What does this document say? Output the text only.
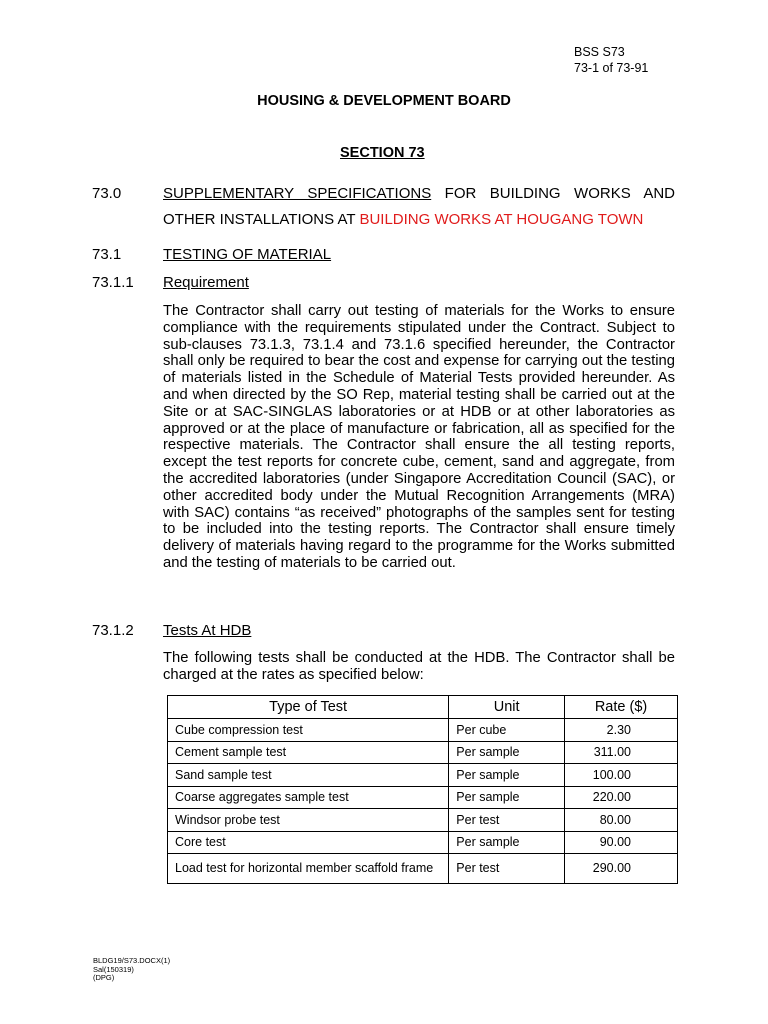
BSS S73
73-1 of 73-91
HOUSING & DEVELOPMENT BOARD
SECTION 73
73.0	SUPPLEMENTARY SPECIFICATIONS FOR BUILDING WORKS AND
OTHER INSTALLATIONS AT BUILDING WORKS AT HOUGANG TOWN
73.1	TESTING OF MATERIAL
73.1.1 Requirement
The Contractor shall carry out testing of materials for the Works to ensure compliance with the requirements stipulated under the Contract. Subject to sub-clauses 73.1.3, 73.1.4 and 73.1.6 specified hereunder, the Contractor shall only be required to bear the cost and expense for carrying out the testing of materials listed in the Schedule of Material Tests provided hereunder. As and when directed by the SO Rep, material testing shall be carried out at the Site or at SAC-SINGLAS laboratories or at HDB or at other laboratories as approved or at the place of manufacture or fabrication, all as specified for the respective materials. The Contractor shall ensure the all testing reports, except the test reports for concrete cube, cement, sand and aggregate, from the accredited laboratories (under Singapore Accreditation Council (SAC), or other accredited body under the Mutual Recognition Arrangements (MRA) with SAC) contains “as received” photographs of the samples sent for testing to be included into the testing reports. The Contractor shall ensure timely delivery of materials having regard to the programme for the Works submitted and the testing of materials to be carried out.
73.1.2 Tests At HDB
The following tests shall be conducted at the HDB. The Contractor shall be charged at the rates as specified below:
Type of Test	Unit	Rate ($)
Cube compression test	Per cube	2.30
Cement sample test	Per sample	311.00
Sand sample test	Per sample	100.00
Coarse aggregates sample test	Per sample	220.00
Windsor probe test	Per test	80.00
Core test	Per sample	90.00
Load test for horizontal member scaffold frame	Per test	290.00
BLDG19/S73.DOCX(1)
Sal(150319)
(DPG)
